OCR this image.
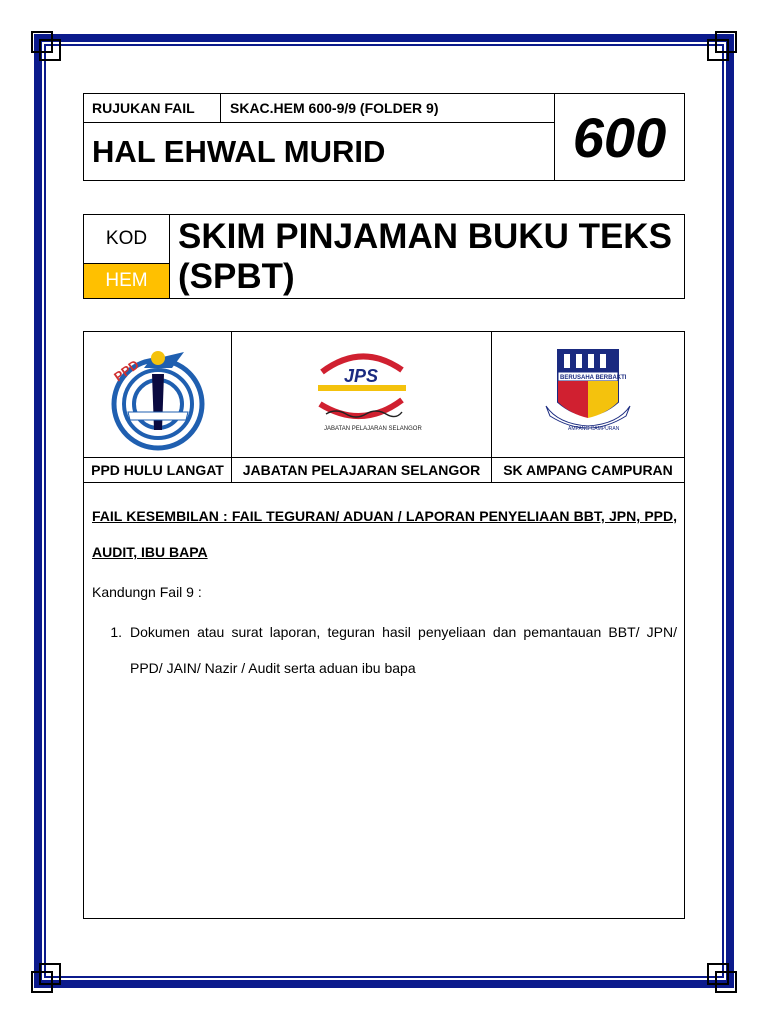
RUJUKAN FAIL	SKAC.HEM 600-9/9 (FOLDER 9)
HAL EHWAL MURID	600
KOD
HEM
SKIM PINJAMAN BUKU TEKS (SPBT)
PPD	JPS
JABATAN PELAJARAN SELANGOR
BERUSAHA BERBAKTI
AMPANG CAMPURAN
PPD HULU LANGAT	JABATAN PELAJARAN SELANGOR	SK AMPANG CAMPURAN
FAIL KESEMBILAN : FAIL TEGURAN/ ADUAN / LAPORAN PENYELIAAN BBT, JPN, PPD, AUDIT, IBU BAPA
Kandungn Fail 9 :
1. Dokumen atau surat laporan, teguran hasil penyeliaan dan pemantauan BBT/ JPN/ PPD/ JAIN/ Nazir / Audit serta aduan ibu bapa
